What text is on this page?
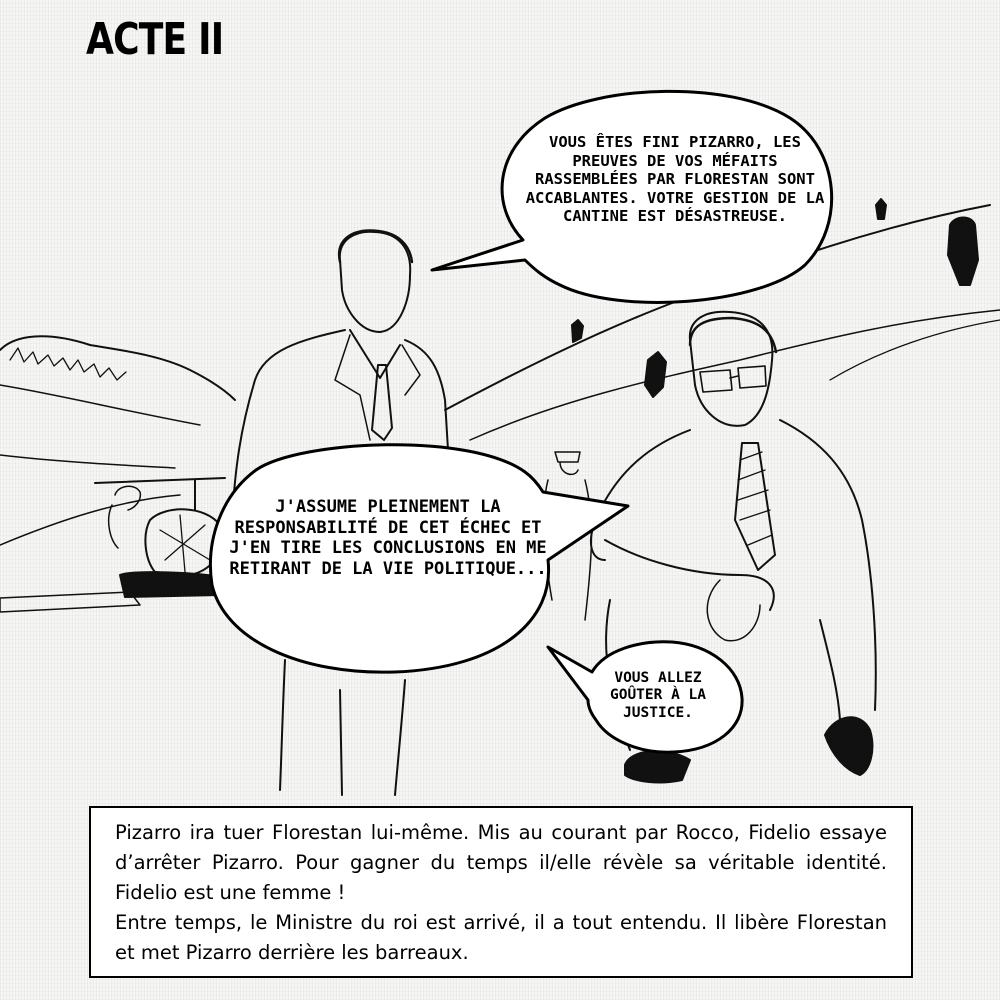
ACTE II
VOUS ÊTES FINI PIZARRO, LES PREUVES DE VOS MÉFAITS RASSEMBLÉES PAR FLORESTAN SONT ACCABLANTES. VOTRE GESTION DE LA CANTINE EST DÉSASTREUSE.
J'ASSUME PLEINEMENT LA RESPONSABILITÉ DE CET ÉCHEC ET J'EN TIRE LES CONCLUSIONS EN ME RETIRANT DE LA VIE POLITIQUE...
VOUS ALLEZ GOÛTER À LA JUSTICE.

Pizarro ira tuer Florestan lui-même. Mis au courant par Rocco, Fidelio essaye d’arrêter Pizarro. Pour gagner du temps il/elle révèle sa véritable identité. Fidelio est une femme !

Entre temps, le Ministre du roi est arrivé, il a tout entendu. Il libère Florestan et met Pizarro derrière les barreaux.
